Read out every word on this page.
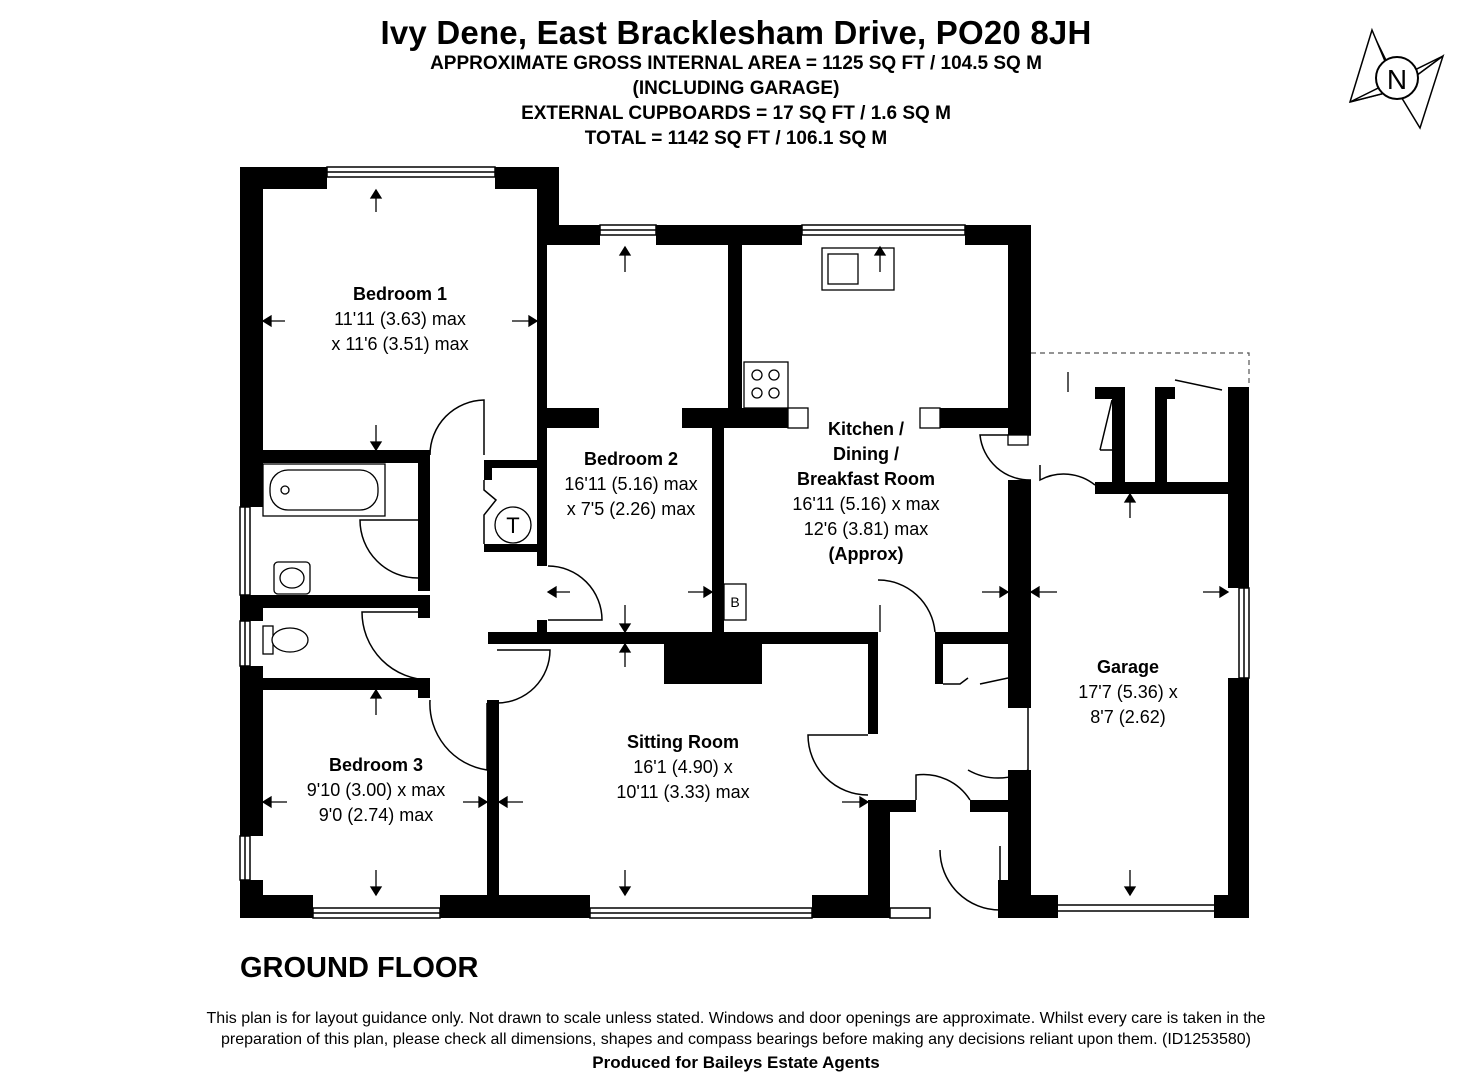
Ivy Dene, East Bracklesham Drive, PO20 8JH
APPROXIMATE GROSS INTERNAL AREA = 1125 SQ FT / 104.5 SQ M
(INCLUDING GARAGE)
EXTERNAL CUPBOARDS = 17 SQ FT / 1.6 SQ M
TOTAL = 1142 SQ FT / 106.1 SQ M
N
T
B
Bedroom 1
11'11 (3.63) max
x 11'6 (3.51) max
Bedroom 2
16'11 (5.16) max
x 7'5 (2.26) max
Kitchen /
Dining /
Breakfast Room
16'11 (5.16) x max
12'6 (3.81) max
(Approx)
Bedroom 3
9'10 (3.00) x max
9'0 (2.74) max
Sitting Room
16'1 (4.90) x
10'11 (3.33) max
Garage
17'7 (5.36) x
8'7 (2.62)
GROUND FLOOR
This plan is for layout guidance only. Not drawn to scale unless stated. Windows and door openings are approximate. Whilst every care is taken in the
preparation of this plan, please check all dimensions, shapes and compass bearings before making any decisions reliant upon them. (ID1253580)
Produced for Baileys Estate Agents
